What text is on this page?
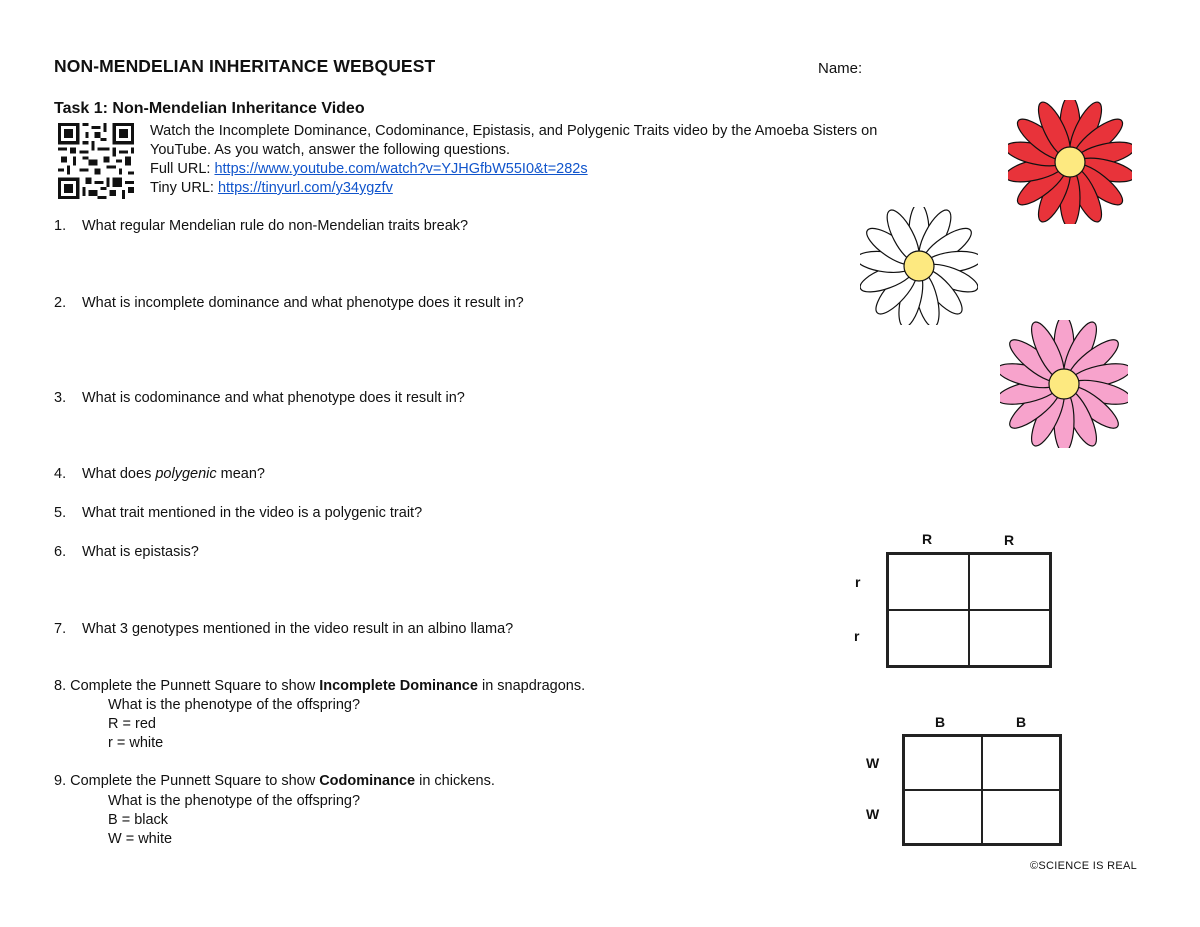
NON-MENDELIAN INHERITANCE WEBQUEST	Name:
Task 1: Non-Mendelian Inheritance Video
Watch the Incomplete Dominance, Codominance, Epistasis, and Polygenic Traits video by the Amoeba Sisters on
YouTube. As you watch, answer the following questions.
Full URL: https://www.youtube.com/watch?v=YJHGfbW55I0&t=282s
Tiny URL: https://tinyurl.com/y34ygzfv
1. What regular Mendelian rule do non-Mendelian traits break?
2. What is incomplete dominance and what phenotype does it result in?
3. What is codominance and what phenotype does it result in?
4. What does polygenic mean?
5. What trait mentioned in the video is a polygenic trait?
6. What is epistasis?
7. What 3 genotypes mentioned in the video result in an albino llama?
8. Complete the Punnett Square to show Incomplete Dominance in snapdragons.
What is the phenotype of the offspring?
R = red
r = white
9. Complete the Punnett Square to show Codominance in chickens.
What is the phenotype of the offspring?
B = black
W = white
R	R
r
r
B	B
W
W
©SCIENCE IS REAL
